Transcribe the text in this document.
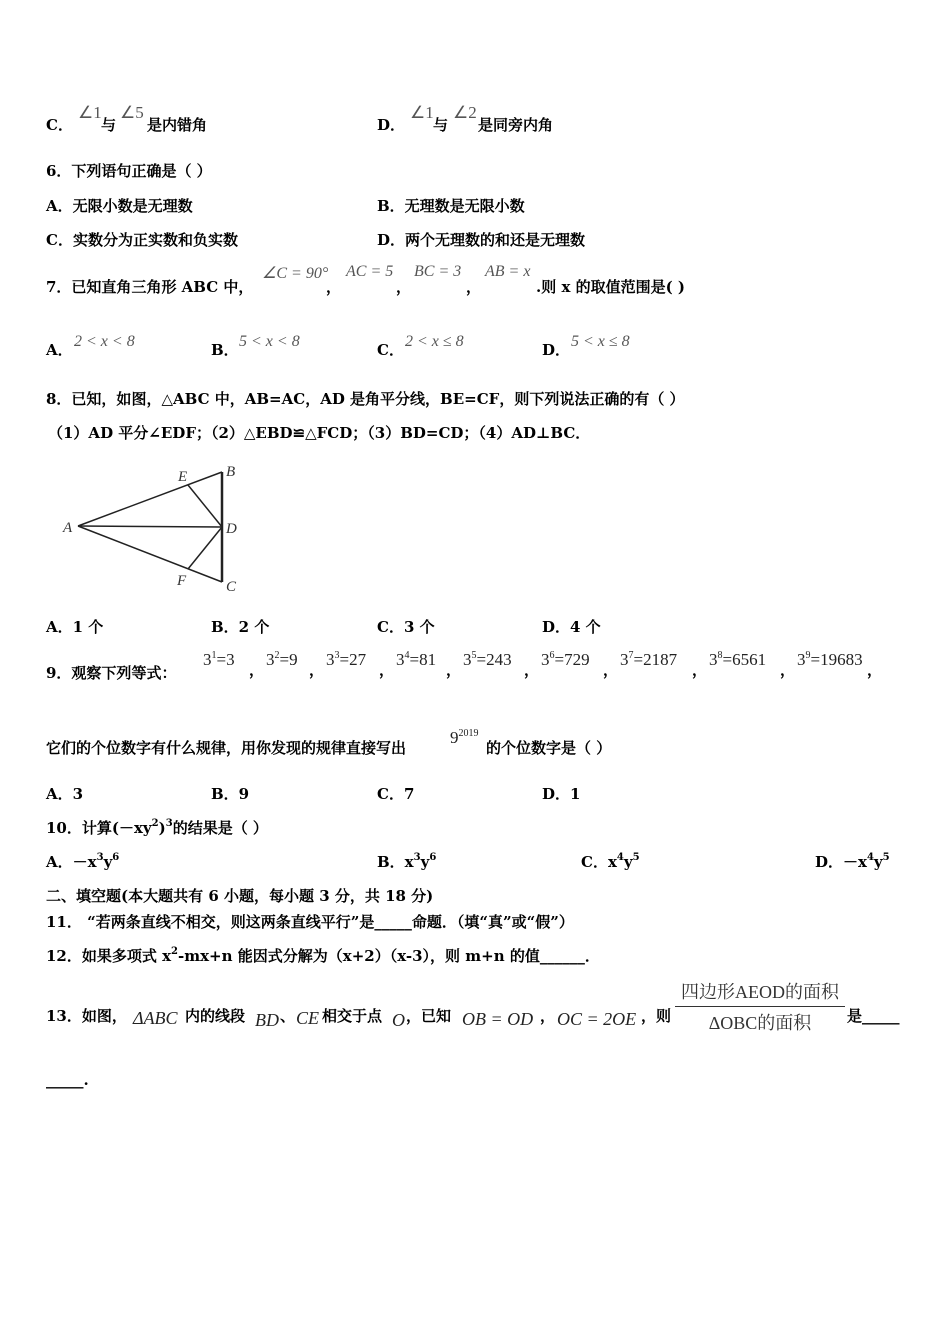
C．
∠1
与
∠5
是内错角	D．
∠1
与
∠2
是同旁内角
6．下列语句正确是（ ）
A．无限小数是无理数	B．无理数是无限小数
C．实数分为正实数和负实数	D．两个无理数的和还是无理数
7．已知直角三角形 ABC 中，
∠C = 90°
，
AC = 5
，
BC = 3
，
AB = x
.则 x 的取值范围是( )
A． 2 < x < 8	B． 5 < x < 8	C． 2 < x ≤ 8	D． 5 < x ≤ 8
8．已知，如图，△ABC 中，AB=AC，AD 是角平分线，BE=CF，则下列说法正确的有（ ）
（1）AD 平分∠EDF；（2）△EBD≌△FCD；（3）BD=CD；（4）AD⊥BC．
A
B
C
D
E
F
A．1 个	B．2 个	C．3 个	D．4 个
9．观察下列等式：
$3^1=3$
，
$3^2=9$
，
$3^3=27$
，
$3^4=81$
，
$3^5=243$
，
$3^6=729$
，
$3^7=2187$
，
$3^8=6561$
，
$3^9=19683$
，
它们的个位数字有什么规律，用你发现的规律直接写出
$9^{2019}$
的个位数字是（ ）
A．3	B．9	C．7	D．1
10．计算$(-xy^2)^3$的结果是（ ）
A．$-x^3y^6$	B．$x^3y^6$	C．$x^4y^5$	D．$-x^4y^5$
二、填空题(本大题共有 6 小题，每小题 3 分，共 18 分)
11． “若两条直线不相交，则这两条直线平行”是_____命题．（填“真”或“假”）
12．如果多项式 $x^2-mx+n$ 能因式分解为（x+2）（x-3），则 m+n 的值______．
13．如图， ΔABC 内的线段 BD 、 CE 相交于点 O ，已知 OB = OD ， OC = 2OE ，则
四边形AEOD的面积
ΔOBC的面积	是_____
_____.
